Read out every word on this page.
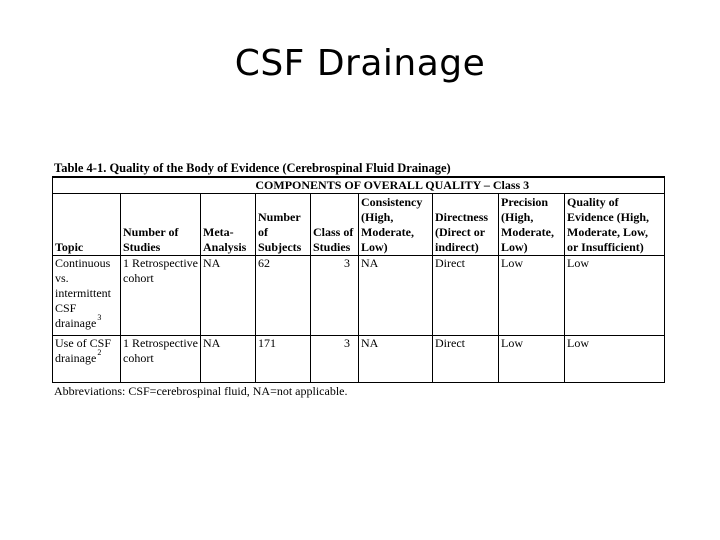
CSF Drainage
Table 4-1. Quality of the Body of Evidence (Cerebrospinal Fluid Drainage)
	COMPONENTS OF OVERALL QUALITY – Class 3							
Topic	Number of Studies	Meta-Analysis	Number of Subjects	Class of Studies	Consistency (High, Moderate, Low)	Directness (Direct or indirect)	Precision (High, Moderate, Low)	Quality of Evidence (High, Moderate, Low, or Insufficient)
Continuous vs. intermittent CSF drainage$^3$	1 Retrospective cohort	NA	62	3	NA	Direct	Low	Low
Use of CSF drainage$^2$	1 Retrospective cohort	NA	171	3	NA	Direct	Low	Low
Abbreviations: CSF=cerebrospinal fluid, NA=not applicable.
